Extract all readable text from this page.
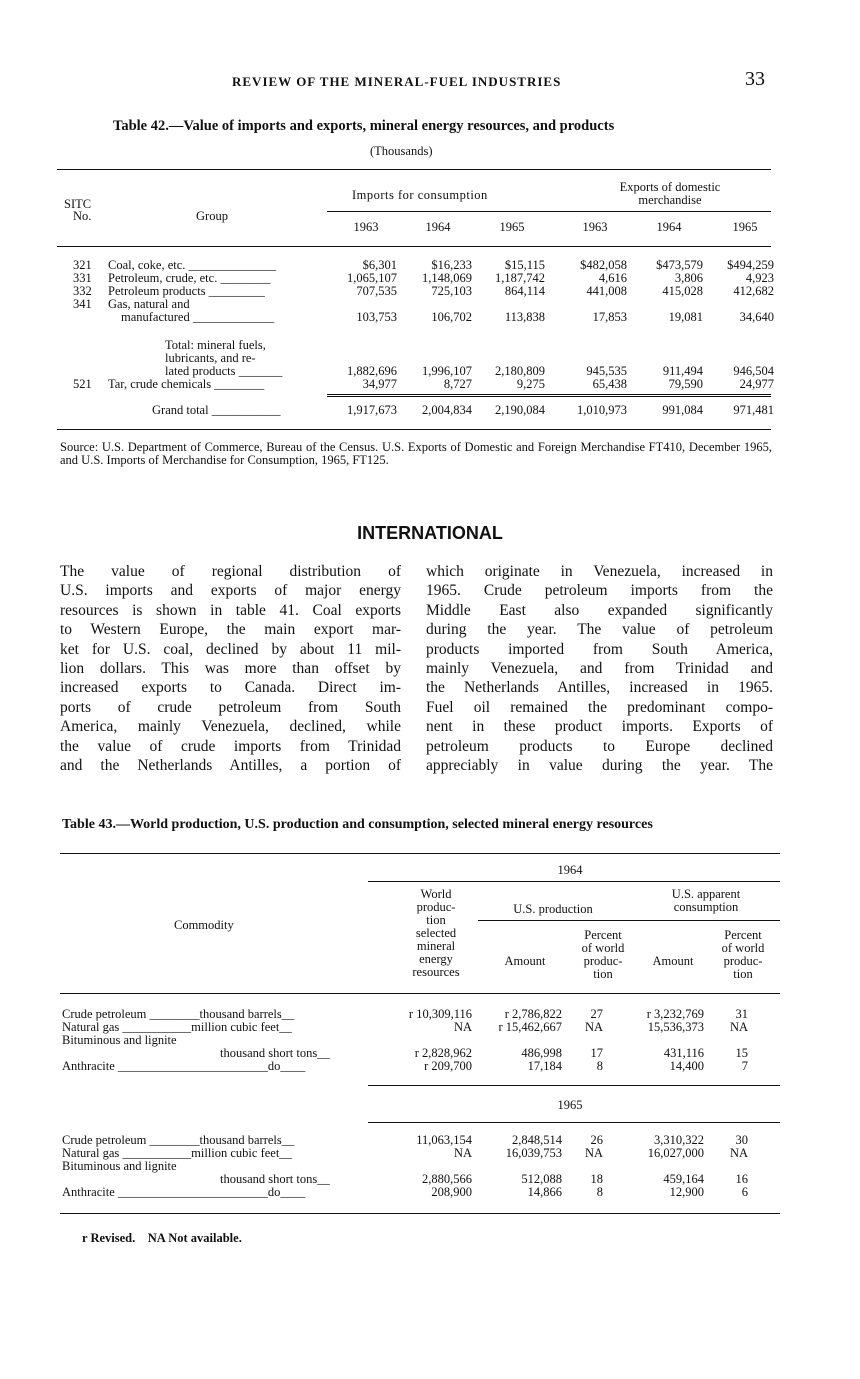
REVIEW OF THE MINERAL-FUEL INDUSTRIES	33
Table 42.—Value of imports and exports, mineral energy resources, and products
(Thousands)
SITC
No.	Group
Imports for consumption
Exports of domestic
merchandise
1963	1964	1965	1963	1964	1965
321 Coal, coke, etc. ______________	$6,301	$16,233	$15,115	$482,058 $473,579 $494,259
331 Petroleum, crude, etc. ________	1,065,107 1,148,069 1,187,742	4,616	3,806	4,923
332 Petroleum products _________	707,535	725,103	864,114	441,008	415,028 412,682
341 Gas, natural and
manufactured _____________	103,753	106,702	113,838	17,853	19,081	34,640
Total: mineral fuels,
lubricants, and re-
lated products _______	1,882,696 1,996,107 2,180,809	945,535	911,494 946,504
521 Tar, crude chemicals ________	34,977	8,727	9,275	65,438	79,590	24,977
Grand total ___________	1,917,673 2,004,834 2,190,084	1,010,973	991,084 971,481
Source: U.S. Department of Commerce, Bureau of the Census. U.S. Exports of Domestic and Foreign Merchandise FT410, December 1965, and U.S. Imports of Merchandise for Consumption, 1965, FT125.
INTERNATIONAL
The value of regional distribution of
U.S. imports and exports of major energy
resources is shown in table 41. Coal exports
to Western Europe, the main export mar-
ket for U.S. coal, declined by about 11 mil-
lion dollars. This was more than offset by
increased exports to Canada. Direct im-
ports of crude petroleum from South
America, mainly Venezuela, declined, while
the value of crude imports from Trinidad
and the Netherlands Antilles, a portion of
which originate in Venezuela, increased in
1965. Crude petroleum imports from the
Middle East also expanded significantly
during the year. The value of petroleum
products imported from South America,
mainly Venezuela, and from Trinidad and
the Netherlands Antilles, increased in 1965.
Fuel oil remained the predominant compo-
nent in these product imports. Exports of
petroleum products to Europe declined
appreciably in value during the year. The
Table 43.—World production, U.S. production and consumption, selected mineral energy resources
1964
Commodity
World
produc-
tion
selected
mineral
energy
resources
U.S. production
U.S. apparent
consumption
Amount
Percent
of world
produc-
tion
Amount
Percent
of world
produc-
tion
Crude petroleum ________thousand barrels__	r 10,309,116	r 2,786,822 27	r 3,232,769	31
Natural gas ___________million cubic feet__	NA r 15,462,667 NA	15,536,373 NA
Bituminous and lignite
thousand short tons__	r 2,828,962	486,998 17	431,116	15
Anthracite ________________________do____	r 209,700	17,184	8	14,400	7
1965
Crude petroleum ________thousand barrels__	11,063,154	2,848,514 26	3,310,322	30
Natural gas ___________million cubic feet__	NA	16,039,753 NA	16,027,000 NA
Bituminous and lignite
thousand short tons__	2,880,566	512,088 18	459,164	16
Anthracite ________________________do____	208,900	14,866	8	12,900	6
r Revised.    NA Not available.
